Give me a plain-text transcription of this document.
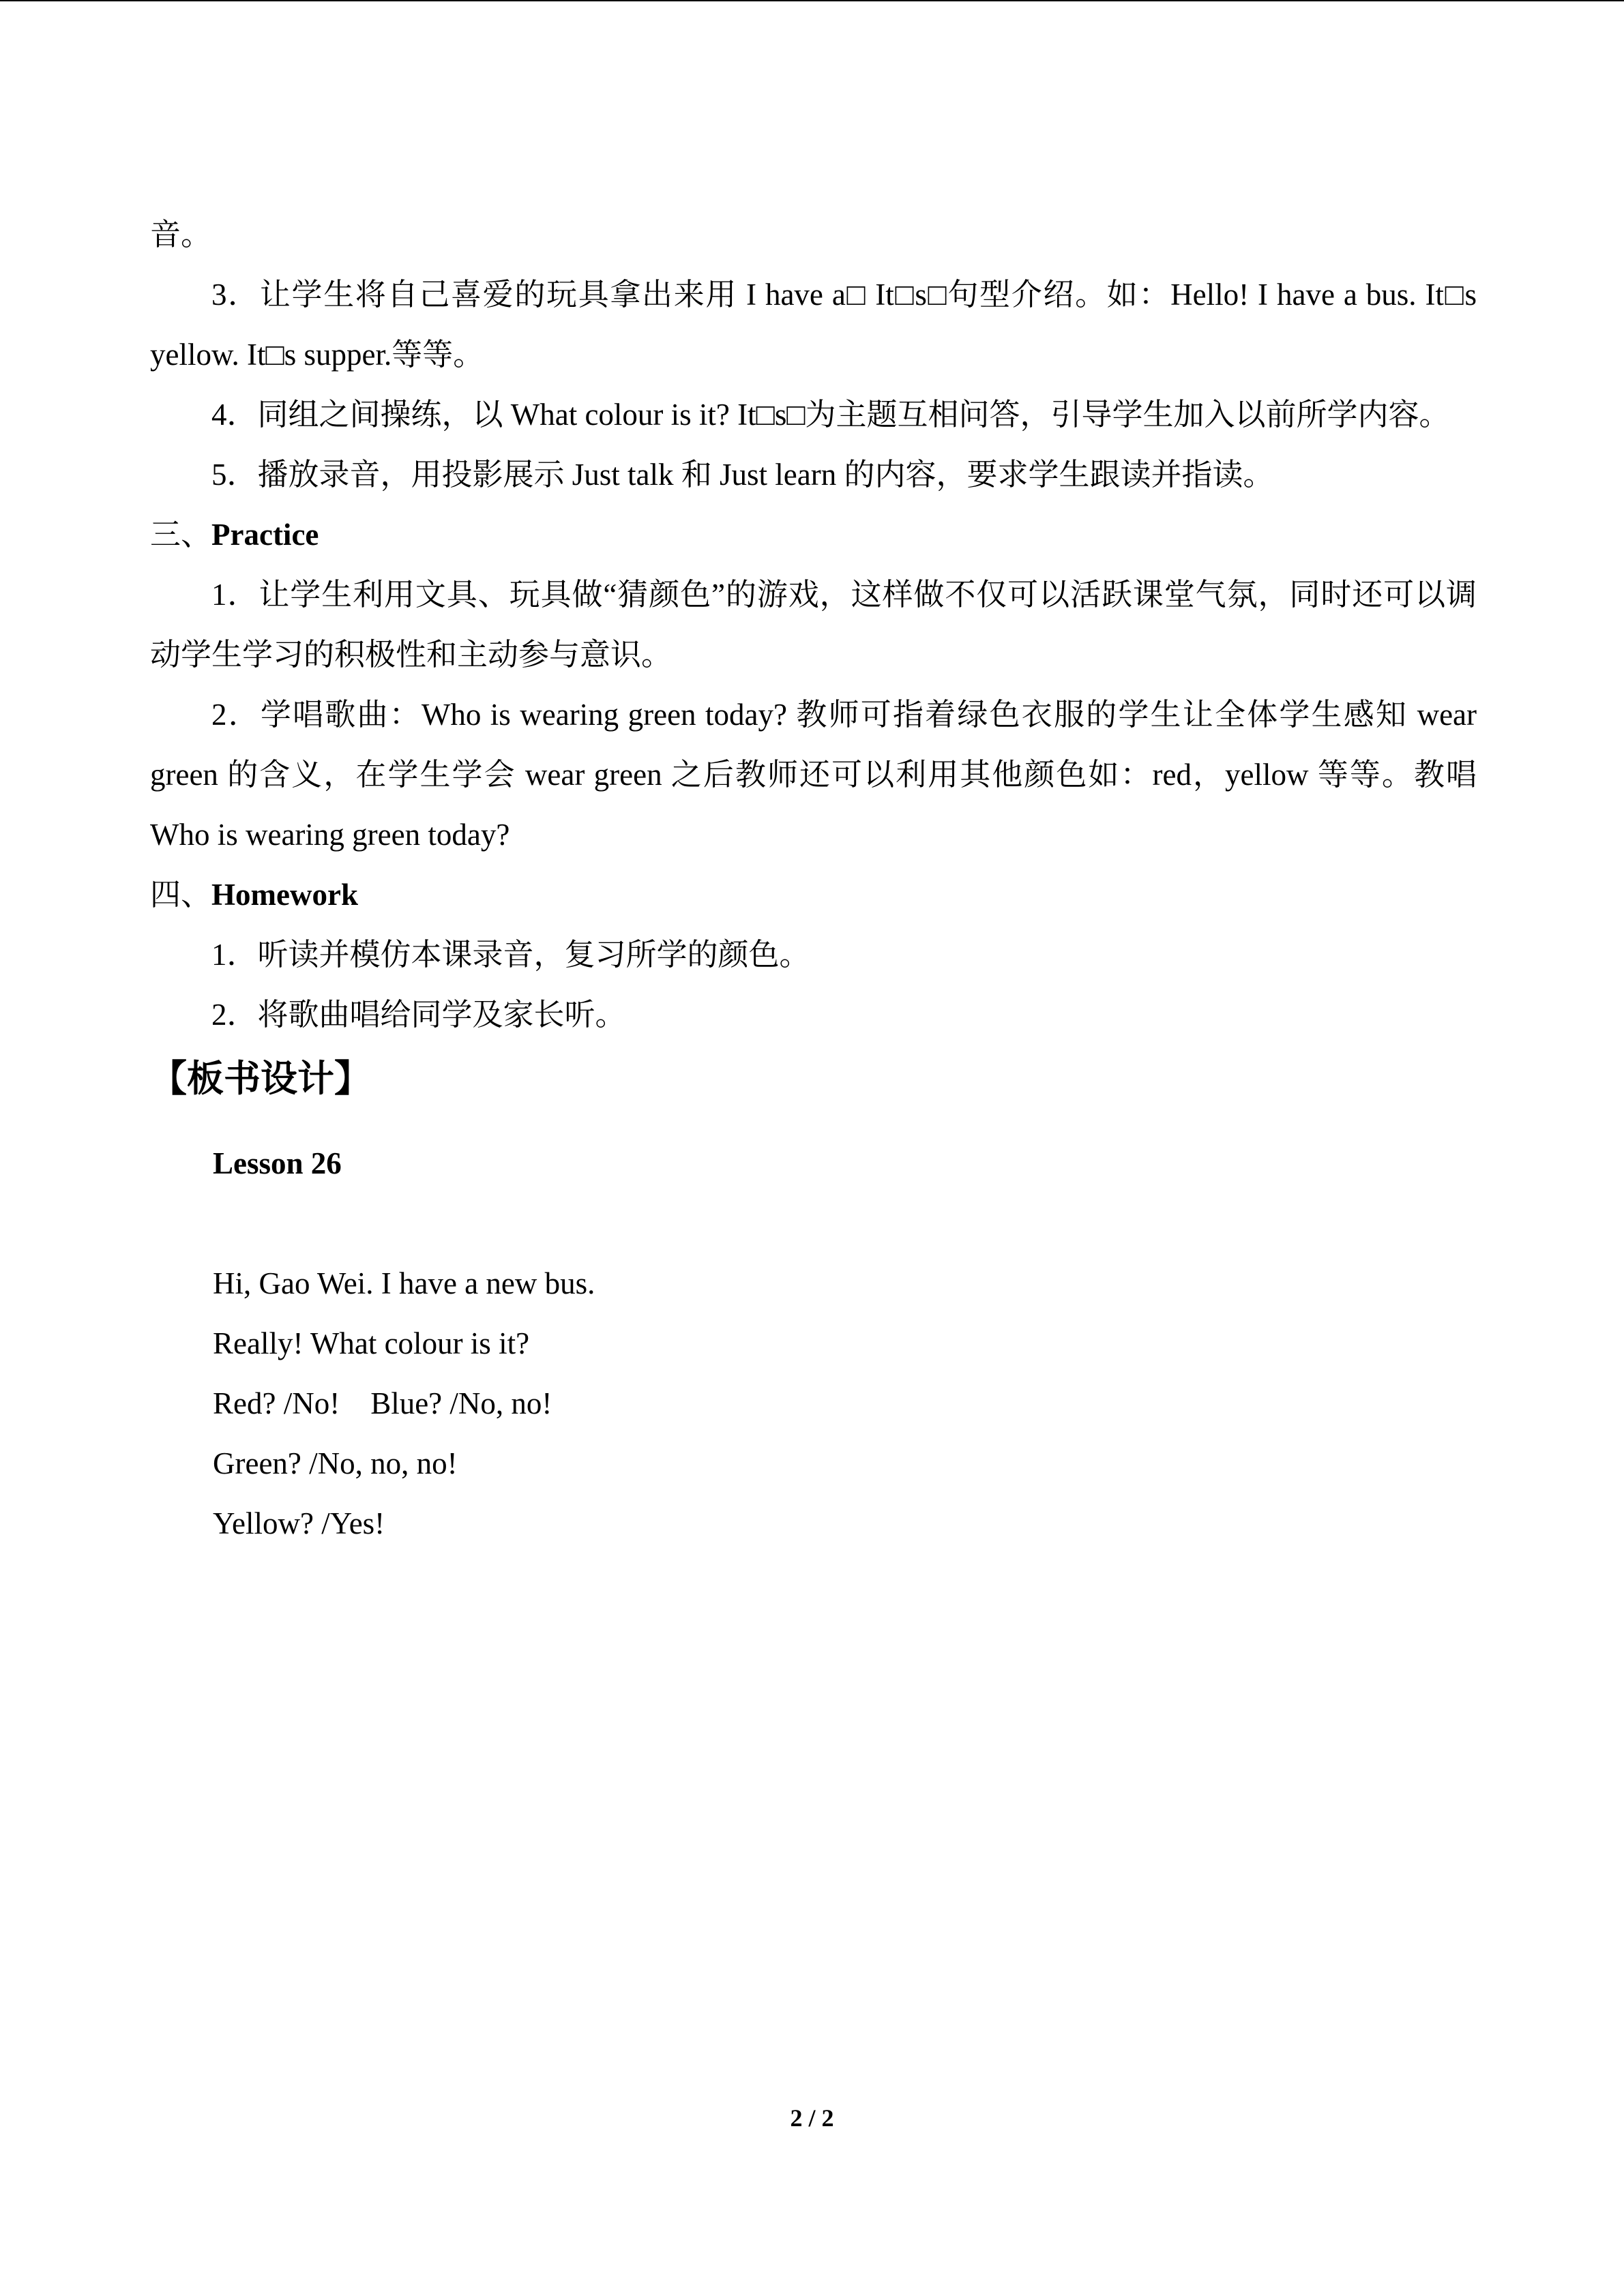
音。

3．让学生将自己喜爱的玩具拿出来用 I have a□ It□s□句型介绍。如：Hello! I have a bus. It□s yellow. It□s supper.等等。

4．同组之间操练，以 What colour is it? It□s□为主题互相问答，引导学生加入以前所学内容。

5．播放录音，用投影展示 Just talk 和 Just learn 的内容，要求学生跟读并指读。

三、Practice

1．让学生利用文具、玩具做“猜颜色”的游戏，这样做不仅可以活跃课堂气氛，同时还可以调动学生学习的积极性和主动参与意识。

2．学唱歌曲：Who is wearing green today? 教师可指着绿色衣服的学生让全体学生感知 wear green 的含义，在学生学会 wear green 之后教师还可以利用其他颜色如：red，yellow 等等。教唱 Who is wearing green today?

四、Homework

1．听读并模仿本课录音，复习所学的颜色。

2．将歌曲唱给同学及家长听。

【板书设计】

Lesson 26

Hi, Gao Wei. I have a new bus.

Really! What colour is it?

Red? /No!    Blue? /No, no!

Green? /No, no, no!

Yellow? /Yes!

2 / 2
